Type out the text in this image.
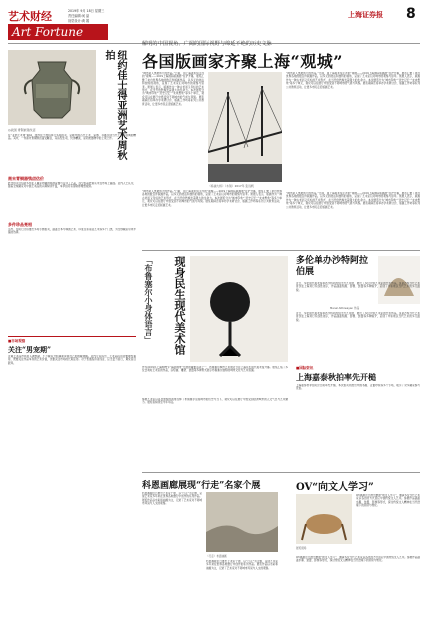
艺术财经	2019年 9月 18日 星期三
责任编辑:何 晶
视觉设计:黄 娟
上海证券报 8
Art Fortune
纽约佳士得亚洲艺术周秋拍
◎战国 青铜嵌错纹壶
在“亚洲艺术周”期间，纽约佳士得将举行多场拍卖，呈献中国古代艺术、瓷器、书画及现当代艺术等领域的精品。其中，一件商末青铜鸮卣备受瞩目，其造型生动，纹饰精美，是同类器物中的上乘之作。
商末青铜器鸮卣估价
此次拍卖还包括多件私人藏家珍藏的明清瓷器与宫廷工艺品，部分拍品此前从未在市场上露面。业内人士认为，随着全球藏家对中国艺术品的兴趣持续升温，本季拍卖有望取得理想成绩。
多件珍品亮相
另外，拍卖行还将推出多场专题拍卖，涵盖日本与韩国艺术、印度及东南亚艺术等多个门类，为全球藏家带来丰富的选择。
■市场观察
关注“男宠期”
近期艺术品市场进入调整期，不少藏家开始重新审视自己的收藏策略。业内专家指出，艺术品投资需要理性看待，既要关注作品本身的艺术价值，也要关注市场的长期走势。对于普通投资者而言，应当量力而行，避免盲目跟风。
解明的中国视角、广阔的国际视野与绵延不绝的历史文脉
各国版画家齐聚上海“观城”
“城市是人类最伟大的作品。”日前，由上海美术馆主办的“观城——2019上海国际版画展”在沪开幕，展览汇聚了来自世界各地的数百件版画作品，以多元的技法和独特的视角，呈现了艺术家们对城市的观察与思考。策展人表示，版画作为一种古老而又年轻的艺术形式，在当代依然焕发着强大的生命力。本次展览分为“城市印象”“历史记忆”“未来想象”等多个单元，观众可以在展厅中感受到不同城市的气质与风貌。展览期间还将举办学术研讨会、版画工作坊等系列公共教育活动，让更多市民走近版画艺术。
《杨浦大桥》（木刻）2017年 张远帆
“城市是人类最伟大的作品。”日前，由上海美术馆主办的“观城——2019上海国际版画展”在沪开幕，展览汇聚了来自世界各地的数百件版画作品，以多元的技法和独特的视角，呈现了艺术家们对城市的观察与思考。策展人表示，版画作为一种古老而又年轻的艺术形式，在当代依然焕发着强大的生命力。本次展览分为“城市印象”“历史记忆”“未来想象”等多个单元，观众可以在展厅中感受到不同城市的气质与风貌。展览期间还将举办学术研讨会、版画工作坊等系列公共教育活动，让更多市民走近版画艺术。
“城市是人类最伟大的作品。”日前，由上海美术馆主办的“观城——2019上海国际版画展”在沪开幕，展览汇聚了来自世界各地的数百件版画作品，以多元的技法和独特的视角，呈现了艺术家们对城市的观察与思考。策展人表示，版画作为一种古老而又年轻的艺术形式，在当代依然焕发着强大的生命力。本次展览分为“城市印象”“历史记忆”“未来想象”等多个单元，观众可以在展厅中感受到不同城市的气质与风貌。展览期间还将举办学术研讨会、版画工作坊等系列公共教育活动，让更多市民走近版画艺术。
“城市是人类最伟大的作品。”日前，由上海美术馆主办的“观城——2019上海国际版画展”在沪开幕，展览汇聚了来自世界各地的数百件版画作品，以多元的技法和独特的视角，呈现了艺术家们对城市的观察与思考。策展人表示，版画作为一种古老而又年轻的艺术形式，在当代依然焕发着强大的生命力。本次展览分为“城市印象”“历史记忆”“未来想象”等多个单元，观众可以在展厅中感受到不同城市的气质与风貌。展览期间还将举办学术研讨会、版画工作坊等系列公共教育活动，让更多市民走近版画艺术。
现身民生现代美术馆
「布鲁塞尔小身体语言」
作为2019年上海购物节“海派城市”开展的重要活动之一，布鲁塞尔城市艺术展近日在上海民生现代美术馆开幕。展览汇集了多位比利时艺术家的作品，以绘画、雕塑、装置等多种形式展示布鲁塞尔独特的城市文化与艺术氛围。
参展艺术家以各自独特的视角诠释了布鲁塞尔这座城市的历史与当下，观众可以在展厅中感受到欧洲城市的人文气息与艺术魅力。展览将持续至今年年底。
多伦单办沙特阿拉伯展
Manal AlDowayan 作品
近日，多伦现代美术馆举办沙特阿拉伯当代艺术展，展出了多位沙特艺术家的代表作品。这是沙特当代艺术首次在上海进行系统性展示，作品涵盖绘画、影像、装置等多种媒介，呈现了中东地区当代艺术的多元面貌。
近日，多伦现代美术馆举办沙特阿拉伯当代艺术展，展出了多位沙特艺术家的代表作品。这是沙特当代艺术首次在上海进行系统性展示，作品涵盖绘画、影像、装置等多种媒介，呈现了中东地区当代艺术的多元面貌。
■国际资讯
上海嘉泰秋拍率先开槌
上海嘉泰秋季拍卖会日前率先开槌，本次拍卖共推出中国书画、古董珍玩等多个专场，吸引了众多藏家参与竞拍。
科恩画廊展现“行走”名家个展
科恩画廊近日推出艺术家个展，以“行走”为主题，呈现艺术家多年来在世界各地旅行中创作的系列作品。展览作品以水彩和油画为主，记录了艺术家对不同城市风景与人文的观察。
《行走》布面油画
科恩画廊近日推出艺术家个展，以“行走”为主题，呈现艺术家多年来在世界各地旅行中创作的系列作品。展览作品以水彩和油画为主，记录了艺术家对不同城市风景与人文的观察。
OV“向文人学习”
展览现场
OV画廊近日推出群展“向文人学习”，邀请多位当代艺术家以各自的方式回应中国传统文人艺术。参展作品涵盖水墨、装置、影像等形式，探讨传统文人精神在当代语境下的延续与转化。
OV画廊近日推出群展“向文人学习”，邀请多位当代艺术家以各自的方式回应中国传统文人艺术。参展作品涵盖水墨、装置、影像等形式，探讨传统文人精神在当代语境下的延续与转化。
